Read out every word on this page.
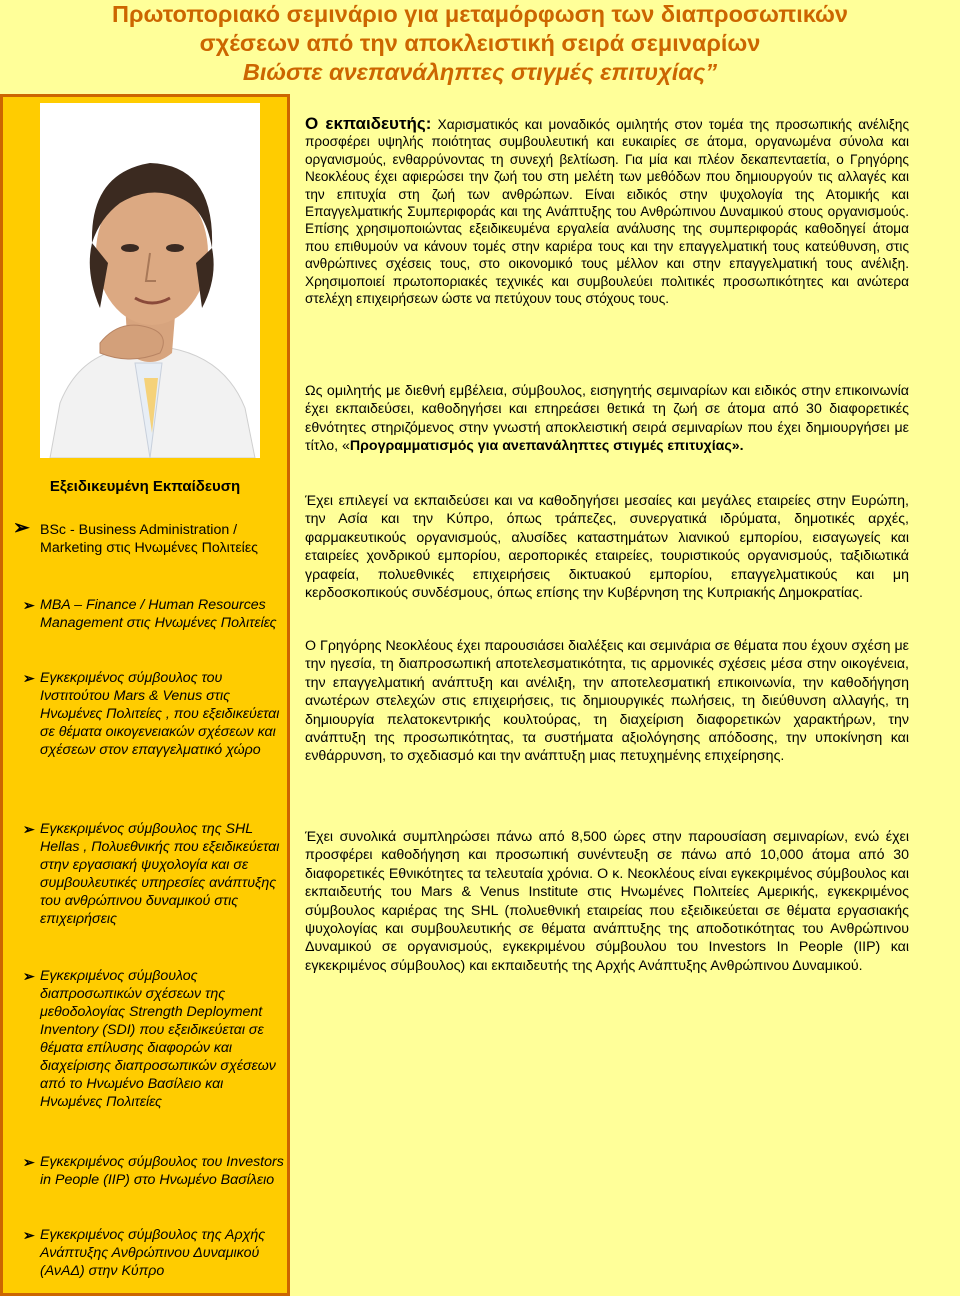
Πρωτοποριακό σεμινάριο για μεταμόρφωση των διαπροσωπικών
σχέσεων από την αποκλειστική σειρά σεμιναρίων
Βιώστε ανεπανάληπτες στιγμές επιτυχίας”
Εξειδικευμένη Εκπαίδευση
➢ BSc - Business Administration / Marketing στις Ηνωμένες Πολιτείες
➢ MBA – Finance / Human Resources Management στις Ηνωμένες Πολιτείες
➢ Εγκεκριμένος σύμβουλος του Ινστιτούτου Mars & Venus στις Ηνωμένες Πολιτείες , που εξειδικεύεται σε θέματα οικογενειακών σχέσεων και σχέσεων στον επαγγελματικό χώρο
➢ Εγκεκριμένος σύμβουλος της SHL Hellas , Πολυεθνικής που εξειδικεύεται στην εργασιακή ψυχολογία και σε συμβουλευτικές υπηρεσίες ανάπτυξης του ανθρώπινου δυναμικού στις επιχειρήσεις
➢ Εγκεκριμένος σύμβουλος διαπροσωπικών σχέσεων της μεθοδολογίας Strength Deployment Inventory (SDI) που εξειδικεύεται σε θέματα επίλυσης διαφορών και διαχείρισης διαπροσωπικών σχέσεων από το Ηνωμένο Βασίλειο και Ηνωμένες Πολιτείες
➢ Εγκεκριμένος σύμβουλος του Investors in People (IIP) στο Ηνωμένο Βασίλειο
➢ Εγκεκριμένος σύμβουλος της Αρχής Ανάπτυξης Ανθρώπινου Δυναμικού (ΑνΑΔ) στην Κύπρο
Ο εκπαιδευτής: Χαρισματικός και μοναδικός ομιλητής στον τομέα της προσωπικής ανέλιξης προσφέρει υψηλής ποιότητας συμβουλευτική και ευκαιρίες σε άτομα, οργανωμένα σύνολα και οργανισμούς, ενθαρρύνοντας τη συνεχή βελτίωση. Για μία και πλέον δεκαπενταετία, ο Γρηγόρης Νεοκλέους έχει αφιερώσει την ζωή του στη μελέτη των μεθόδων που δημιουργούν τις αλλαγές και την επιτυχία στη ζωή των ανθρώπων. Είναι ειδικός στην ψυχολογία της Ατομικής και Επαγγελματικής Συμπεριφοράς και της Ανάπτυξης του Ανθρώπινου Δυναμικού στους οργανισμούς. Επίσης χρησιμοποιώντας εξειδικευμένα εργαλεία ανάλυσης της συμπεριφοράς καθοδηγεί άτομα που επιθυμούν να κάνουν τομές στην καριέρα τους και την επαγγελματική τους κατεύθυνση, στις ανθρώπινες σχέσεις τους, στο οικονομικό τους μέλλον και στην επαγγελματική τους ανέλιξη. Χρησιμοποιεί πρωτοποριακές τεχνικές και συμβουλεύει πολιτικές προσωπικότητες και ανώτερα στελέχη επιχειρήσεων ώστε να πετύχουν τους στόχους τους.
Ως ομιλητής με διεθνή εμβέλεια, σύμβουλος, εισηγητής σεμιναρίων και ειδικός στην επικοινωνία έχει εκπαιδεύσει, καθοδηγήσει και επηρεάσει θετικά τη ζωή σε άτομα από 30 διαφορετικές εθνότητες στηριζόμενος στην γνωστή αποκλειστική σειρά σεμιναρίων που έχει δημιουργήσει με τίτλο, «Προγραμματισμός για ανεπανάληπτες στιγμές επιτυχίας».
Έχει επιλεγεί να εκπαιδεύσει και να καθοδηγήσει μεσαίες και μεγάλες εταιρείες στην Ευρώπη, την Ασία και την Κύπρο, όπως τράπεζες, συνεργατικά ιδρύματα, δημοτικές αρχές, φαρμακευτικούς οργανισμούς, αλυσίδες καταστημάτων λιανικού εμπορίου, εισαγωγείς και εταιρείες χονδρικού εμπορίου, αεροπορικές εταιρείες, τουριστικούς οργανισμούς, ταξιδιωτικά γραφεία, πολυεθνικές επιχειρήσεις δικτυακού εμπορίου, επαγγελματικούς και μη κερδοσκοπικούς συνδέσμους, όπως επίσης την Κυβέρνηση της Κυπριακής Δημοκρατίας.
Ο Γρηγόρης Νεοκλέους έχει παρουσιάσει διαλέξεις και σεμινάρια σε θέματα που έχουν σχέση με την ηγεσία, τη διαπροσωπική αποτελεσματικότητα, τις αρμονικές σχέσεις μέσα στην οικογένεια, την επαγγελματική ανάπτυξη και ανέλιξη, την αποτελεσματική επικοινωνία, την καθοδήγηση ανωτέρων στελεχών στις επιχειρήσεις, τις δημιουργικές πωλήσεις, τη διεύθυνση αλλαγής, τη δημιουργία πελατοκεντρικής κουλτούρας, τη διαχείριση διαφορετικών χαρακτήρων, την ανάπτυξη της προσωπικότητας, τα συστήματα αξιολόγησης απόδοσης, την υποκίνηση και ενθάρρυνση, το σχεδιασμό και την ανάπτυξη μιας πετυχημένης επιχείρησης.
Έχει συνολικά συμπληρώσει πάνω από 8,500 ώρες στην παρουσίαση σεμιναρίων, ενώ έχει προσφέρει καθοδήγηση και προσωπική συνέντευξη σε πάνω από 10,000 άτομα από 30 διαφορετικές Εθνικότητες τα τελευταία χρόνια. Ο κ. Νεοκλέους είναι εγκεκριμένος σύμβουλος και εκπαιδευτής του Mars & Venus Institute στις Ηνωμένες Πολιτείες Αμερικής, εγκεκριμένος σύμβουλος καριέρας της SHL (πολυεθνική εταιρείας που εξειδικεύεται σε θέματα εργασιακής ψυχολογίας και συμβουλευτικής σε θέματα ανάπτυξης της αποδοτικότητας του Ανθρώπινου Δυναμικού σε οργανισμούς, εγκεκριμένου σύμβουλου του Investors In People (IIP) και εγκεκριμένος σύμβουλος) και εκπαιδευτής της Αρχής Ανάπτυξης Ανθρώπινου Δυναμικού.
